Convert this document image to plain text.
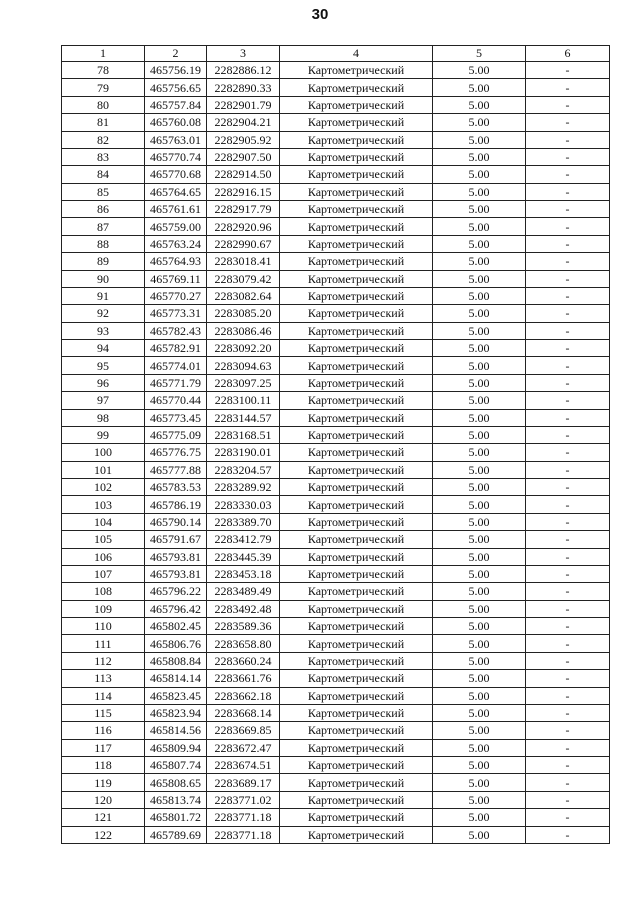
30
1	2	3	4	5	6
78	465756.19	2282886.12	Картометрический	5.00	-
79	465756.65	2282890.33	Картометрический	5.00	-
80	465757.84	2282901.79	Картометрический	5.00	-
81	465760.08	2282904.21	Картометрический	5.00	-
82	465763.01	2282905.92	Картометрический	5.00	-
83	465770.74	2282907.50	Картометрический	5.00	-
84	465770.68	2282914.50	Картометрический	5.00	-
85	465764.65	2282916.15	Картометрический	5.00	-
86	465761.61	2282917.79	Картометрический	5.00	-
87	465759.00	2282920.96	Картометрический	5.00	-
88	465763.24	2282990.67	Картометрический	5.00	-
89	465764.93	2283018.41	Картометрический	5.00	-
90	465769.11	2283079.42	Картометрический	5.00	-
91	465770.27	2283082.64	Картометрический	5.00	-
92	465773.31	2283085.20	Картометрический	5.00	-
93	465782.43	2283086.46	Картометрический	5.00	-
94	465782.91	2283092.20	Картометрический	5.00	-
95	465774.01	2283094.63	Картометрический	5.00	-
96	465771.79	2283097.25	Картометрический	5.00	-
97	465770.44	2283100.11	Картометрический	5.00	-
98	465773.45	2283144.57	Картометрический	5.00	-
99	465775.09	2283168.51	Картометрический	5.00	-
100	465776.75	2283190.01	Картометрический	5.00	-
101	465777.88	2283204.57	Картометрический	5.00	-
102	465783.53	2283289.92	Картометрический	5.00	-
103	465786.19	2283330.03	Картометрический	5.00	-
104	465790.14	2283389.70	Картометрический	5.00	-
105	465791.67	2283412.79	Картометрический	5.00	-
106	465793.81	2283445.39	Картометрический	5.00	-
107	465793.81	2283453.18	Картометрический	5.00	-
108	465796.22	2283489.49	Картометрический	5.00	-
109	465796.42	2283492.48	Картометрический	5.00	-
110	465802.45	2283589.36	Картометрический	5.00	-
111	465806.76	2283658.80	Картометрический	5.00	-
112	465808.84	2283660.24	Картометрический	5.00	-
113	465814.14	2283661.76	Картометрический	5.00	-
114	465823.45	2283662.18	Картометрический	5.00	-
115	465823.94	2283668.14	Картометрический	5.00	-
116	465814.56	2283669.85	Картометрический	5.00	-
117	465809.94	2283672.47	Картометрический	5.00	-
118	465807.74	2283674.51	Картометрический	5.00	-
119	465808.65	2283689.17	Картометрический	5.00	-
120	465813.74	2283771.02	Картометрический	5.00	-
121	465801.72	2283771.18	Картометрический	5.00	-
122	465789.69	2283771.18	Картометрический	5.00	-
